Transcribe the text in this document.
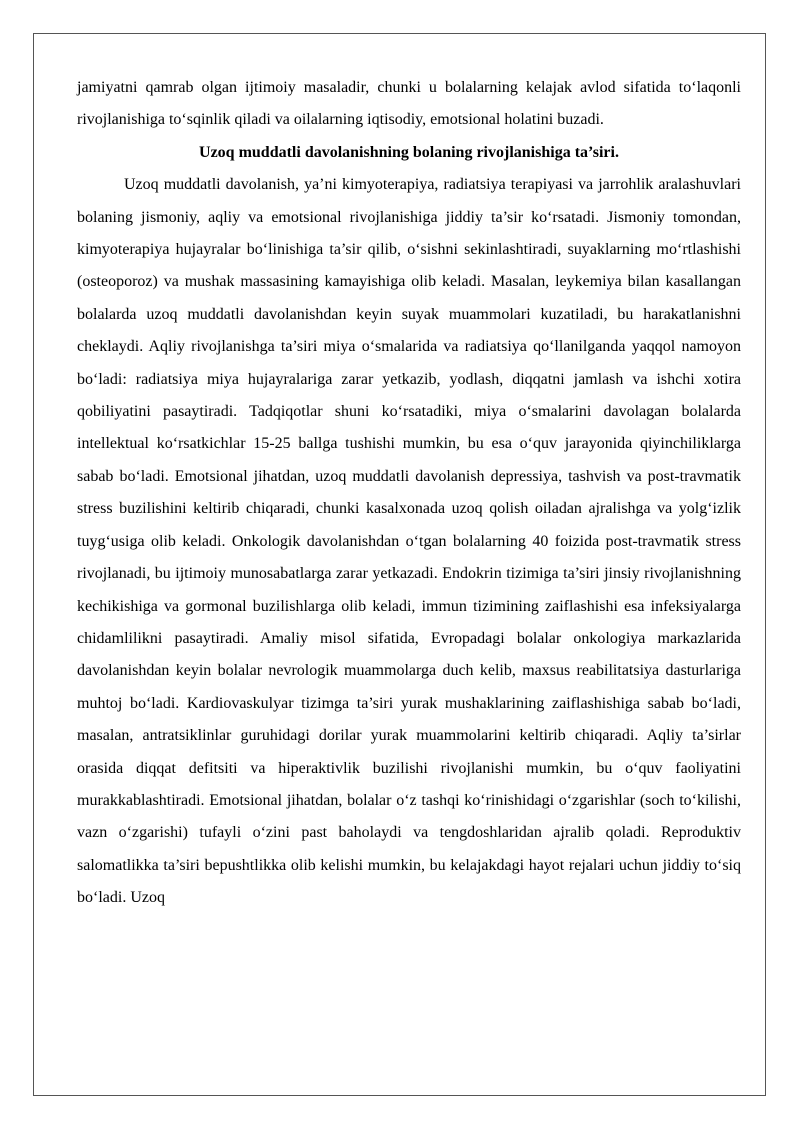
jamiyatni qamrab olgan ijtimoiy masaladir, chunki u bolalarning kelajak avlod sifatida to‘laqonli rivojlanishiga to‘sqinlik qiladi va oilalarning iqtisodiy, emotsional holatini buzadi.

Uzoq muddatli davolanishning bolaning rivojlanishiga ta’siri.

Uzoq muddatli davolanish, ya’ni kimyoterapiya, radiatsiya terapiyasi va jarrohlik aralashuvlari bolaning jismoniy, aqliy va emotsional rivojlanishiga jiddiy ta’sir ko‘rsatadi. Jismoniy tomondan, kimyoterapiya hujayralar bo‘linishiga ta’sir qilib, o‘sishni sekinlashtiradi, suyaklarning mo‘rtlashishi (osteoporoz) va mushak massasining kamayishiga olib keladi. Masalan, leykemiya bilan kasallangan bolalarda uzoq muddatli davolanishdan keyin suyak muammolari kuzatiladi, bu harakatlanishni cheklaydi. Aqliy rivojlanishga ta’siri miya o‘smalarida va radiatsiya qo‘llanilganda yaqqol namoyon bo‘ladi: radiatsiya miya hujayralariga zarar yetkazib, yodlash, diqqatni jamlash va ishchi xotira qobiliyatini pasaytiradi. Tadqiqotlar shuni ko‘rsatadiki, miya o‘smalarini davolagan bolalarda intellektual ko‘rsatkichlar 15-25 ballga tushishi mumkin, bu esa o‘quv jarayonida qiyinchiliklarga sabab bo‘ladi. Emotsional jihatdan, uzoq muddatli davolanish depressiya, tashvish va post-travmatik stress buzilishini keltirib chiqaradi, chunki kasalxonada uzoq qolish oiladan ajralishga va yolg‘izlik tuyg‘usiga olib keladi. Onkologik davolanishdan o‘tgan bolalarning 40 foizida post-travmatik stress rivojlanadi, bu ijtimoiy munosabatlarga zarar yetkazadi. Endokrin tizimiga ta’siri jinsiy rivojlanishning kechikishiga va gormonal buzilishlarga olib keladi, immun tizimining zaiflashishi esa infeksiyalarga chidamlilikni pasaytiradi. Amaliy misol sifatida, Evropadagi bolalar onkologiya markazlarida davolanishdan keyin bolalar nevrologik muammolarga duch kelib, maxsus reabilitatsiya dasturlariga muhtoj bo‘ladi. Kardiovaskulyar tizimga ta’siri yurak mushaklarining zaiflashishiga sabab bo‘ladi, masalan, antratsiklinlar guruhidagi dorilar yurak muammolarini keltirib chiqaradi. Aqliy ta’sirlar orasida diqqat defitsiti va hiperaktivlik buzilishi rivojlanishi mumkin, bu o‘quv faoliyatini murakkablashtiradi. Emotsional jihatdan, bolalar o‘z tashqi ko‘rinishidagi o‘zgarishlar (soch to‘kilishi, vazn o‘zgarishi) tufayli o‘zini past baholaydi va tengdoshlaridan ajralib qoladi. Reproduktiv salomatlikka ta’siri bepushtlikka olib kelishi mumkin, bu kelajakdagi hayot rejalari uchun jiddiy to‘siq bo‘ladi. Uzoq
